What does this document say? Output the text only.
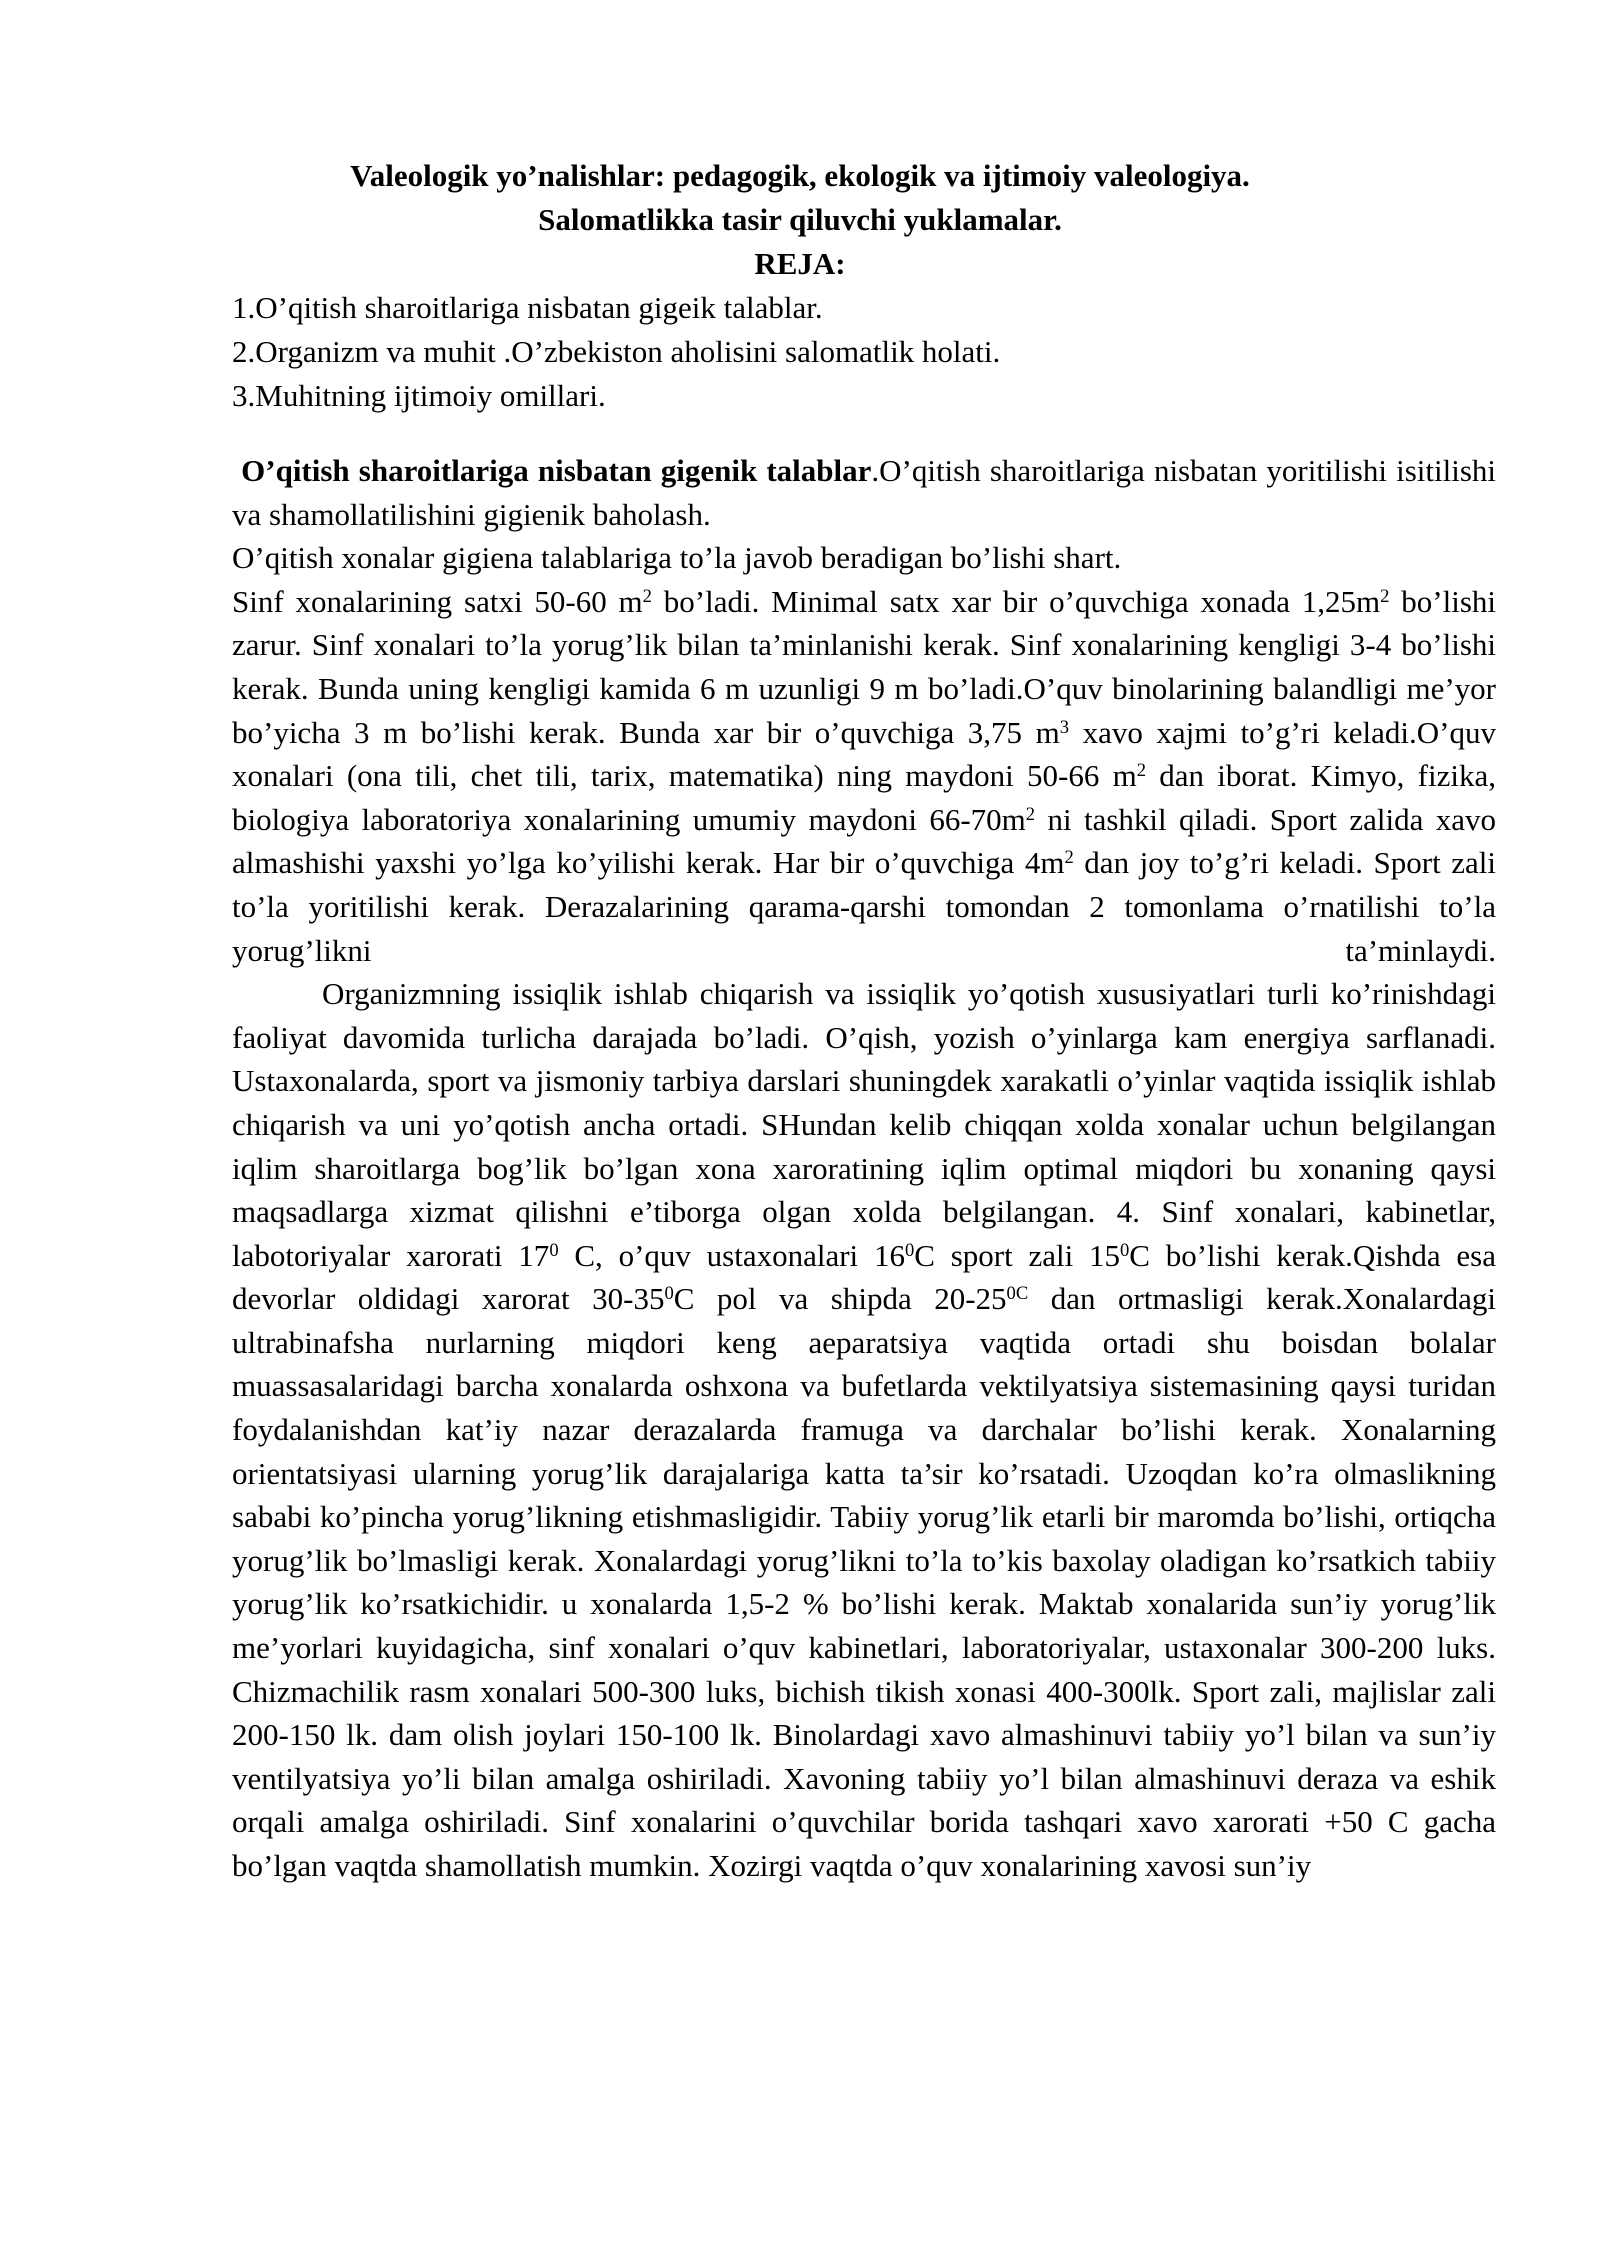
Valeologik yo’nalishlar: pedagogik, ekologik va ijtimoiy valeologiya.

Salomatlikka tasir qiluvchi yuklamalar.

REJA:

1.O’qitish sharoitlariga nisbatan gigeik talablar.
2.Organizm va muhit .O’zbekiston aholisini salomatlik holati.
3.Muhitning ijtimoiy omillari.

O’qitish sharoitlariga nisbatan gigenik talablar.O’qitish sharoitlariga nisbatan yoritilishi isitilishi va shamollatilishini gigienik baholash.

O’qitish xonalar gigiena talablariga to’la javob beradigan bo’lishi shart.

Sinf xonalarining satxi 50-60 $m^2$ bo’ladi. Minimal satx xar bir o’quvchiga xonada $1,25m^2$ bo’lishi zarur. Sinf xonalari to’la yorug’lik bilan ta’minlanishi kerak. Sinf xonalarining kengligi 3-4 bo’lishi kerak. Bunda uning kengligi kamida 6 m uzunligi 9 m bo’ladi.O’quv binolarining balandligi me’yor bo’yicha 3 m bo’lishi kerak. Bunda xar bir o’quvchiga 3,75 $m^3$ xavo xajmi to’g’ri keladi.O’quv xonalari (ona tili, chet tili, tarix, matematika) ning maydoni 50-66 $m^2$ dan iborat. Kimyo, fizika, biologiya laboratoriya xonalarining umumiy maydoni $66-70m^2$ ni tashkil qiladi. Sport zalida xavo almashishi yaxshi yo’lga ko’yilishi kerak. Har bir o’quvchiga $4m^2$ dan joy to’g’ri keladi. Sport zali to’la yoritilishi kerak. Derazalarining qarama-qarshi tomondan 2 tomonlama o’rnatilishi to’la yorug’likni ta’minlaydi.

Organizmning issiqlik ishlab chiqarish va issiqlik yo’qotish xususiyatlari turli ko’rinishdagi faoliyat davomida turlicha darajada bo’ladi. O’qish, yozish o’yinlarga kam energiya sarflanadi. Ustaxonalarda, sport va jismoniy tarbiya darslari shuningdek xarakatli o’yinlar vaqtida issiqlik ishlab chiqarish va uni yo’qotish ancha ortadi. SHundan kelib chiqqan xolda xonalar uchun belgilangan iqlim sharoitlarga bog’lik bo’lgan xona xaroratining iqlim optimal miqdori bu xonaning qaysi maqsadlarga xizmat qilishni e’tiborga olgan xolda belgilangan. 4. Sinf xonalari, kabinetlar, labotoriyalar xarorati $17^0$ C, o’quv ustaxonalari $16^0C$ sport zali $15^0C$ bo’lishi kerak.Qishda esa devorlar oldidagi xarorat $30-35^0C$ pol va shipda $20-25^{0C}$ dan ortmasligi kerak.Xonalardagi ultrabinafsha nurlarning miqdori keng aeparatsiya vaqtida ortadi shu boisdan bolalar muassasalaridagi barcha xonalarda oshxona va bufetlarda vektilyatsiya sistemasining qaysi turidan foydalanishdan kat’iy nazar derazalarda framuga va darchalar bo’lishi kerak. Xonalarning orientatsiyasi ularning yorug’lik darajalariga katta ta’sir ko’rsatadi. Uzoqdan ko’ra olmaslikning sababi ko’pincha yorug’likning etishmasligidir. Tabiiy yorug’lik etarli bir maromda bo’lishi, ortiqcha yorug’lik bo’lmasligi kerak. Xonalardagi yorug’likni to’la to’kis baxolay oladigan ko’rsatkich tabiiy yorug’lik ko’rsatkichidir. u xonalarda 1,5-2 % bo’lishi kerak. Maktab xonalarida sun’iy yorug’lik me’yorlari kuyidagicha, sinf xonalari o’quv kabinetlari, laboratoriyalar, ustaxonalar 300-200 luks. Chizmachilik rasm xonalari 500-300 luks, bichish tikish xonasi 400-300lk. Sport zali, majlislar zali 200-150 lk. dam olish joylari 150-100 lk. Binolardagi xavo almashinuvi tabiiy yo’l bilan va sun’iy ventilyatsiya yo’li bilan amalga oshiriladi. Xavoning tabiiy yo’l bilan almashinuvi deraza va eshik orqali amalga oshiriladi. Sinf xonalarini o’quvchilar borida tashqari xavo xarorati +50 C gacha bo’lgan vaqtda shamollatish mumkin. Xozirgi vaqtda o’quv xonalarining xavosi sun’iy
